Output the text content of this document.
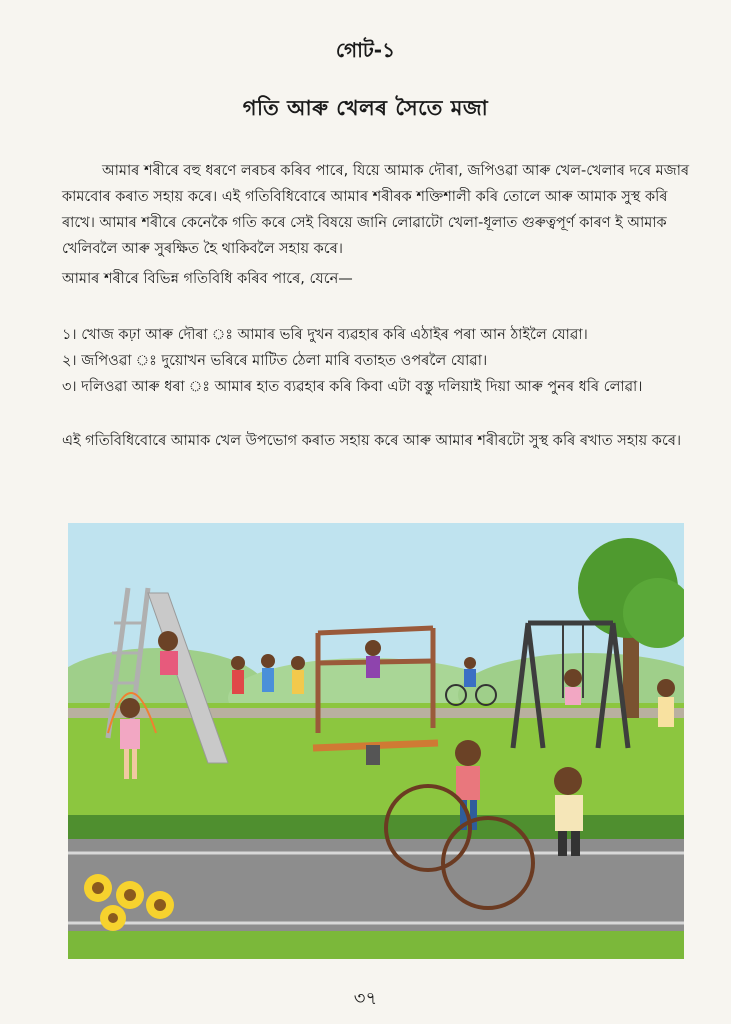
গোট-১
গতি আৰু খেলৰ সৈতে মজা

আমাৰ শৰীৰে বহু ধৰণে লৰচৰ কৰিব পাৰে, যিয়ে আমাক দৌৰা, জপিওৱা আৰু খেল-খেলাৰ দৰে মজাৰ কামবোৰ কৰাত সহায় কৰে। এই গতিবিধিবোৰে আমাৰ শৰীৰক শক্তিশালী কৰি তোলে আৰু আমাক সুস্থ কৰি ৰাখে। আমাৰ শৰীৰে কেনেকৈ গতি কৰে সেই বিষয়ে জানি লোৱাটো খেলা-ধূলাত গুৰুত্বপূৰ্ণ কাৰণ ই আমাক খেলিবলৈ আৰু সুৰক্ষিত হৈ থাকিবলৈ সহায় কৰে।

আমাৰ শৰীৰে বিভিন্ন গতিবিধি কৰিব পাৰে, যেনে—

১। খোজ কঢ়া আৰু দৌৰা ঃ আমাৰ ভৰি দুখন ব্যৱহাৰ কৰি এঠাইৰ পৰা আন ঠাইলৈ যোৱা।
২। জপিওৱা ঃ দুয়োখন ভৰিৰে মাটিত ঠেলা মাৰি বতাহত ওপৰলৈ যোৱা।
৩। দলিওৱা আৰু ধৰা ঃ আমাৰ হাত ব্যৱহাৰ কৰি কিবা এটা বস্তু দলিয়াই দিয়া আৰু পুনৰ ধৰি লোৱা।

এই গতিবিধিবোৰে আমাক খেল উপভোগ কৰাত সহায় কৰে আৰু আমাৰ শৰীৰটো সুস্থ কৰি ৰখাত সহায় কৰে।

৩৭
